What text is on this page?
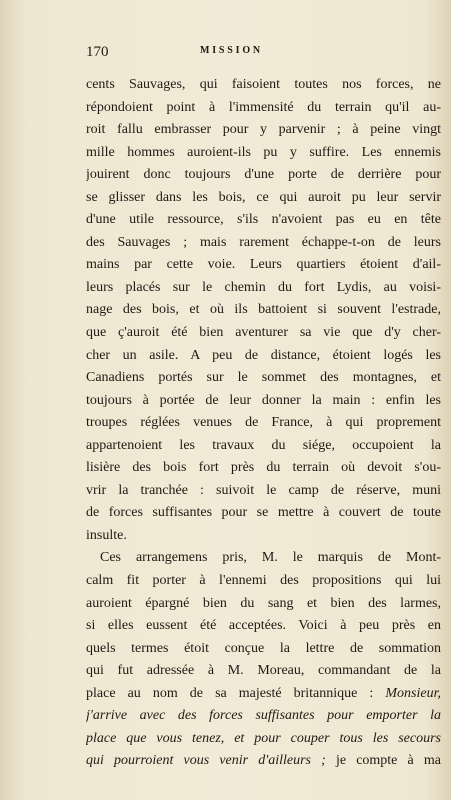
170	MISSION
cents Sauvages, qui faisoient toutes nos forces, ne
répondoient point à l'immensité du terrain qu'il au-
roit fallu embrasser pour y parvenir ; à peine vingt
mille hommes auroient-ils pu y suffire. Les ennemis
jouirent donc toujours d'une porte de derrière pour
se glisser dans les bois, ce qui auroit pu leur servir
d'une utile ressource, s'ils n'avoient pas eu en tête
des Sauvages ; mais rarement échappe-t-on de leurs
mains par cette voie. Leurs quartiers étoient d'ail-
leurs placés sur le chemin du fort Lydis, au voisi-
nage des bois, et où ils battoient si souvent l'estrade,
que ç'auroit été bien aventurer sa vie que d'y cher-
cher un asile. A peu de distance, étoient logés les
Canadiens portés sur le sommet des montagnes, et
toujours à portée de leur donner la main : enfin les
troupes réglées venues de France, à qui proprement
appartenoient les travaux du siége, occupoient la
lisière des bois fort près du terrain où devoit s'ou-
vrir la tranchée : suivoit le camp de réserve, muni
de forces suffisantes pour se mettre à couvert de toute
insulte.
Ces arrangemens pris, M. le marquis de Mont-
calm fit porter à l'ennemi des propositions qui lui
auroient épargné bien du sang et bien des larmes,
si elles eussent été acceptées. Voici à peu près en
quels termes étoit conçue la lettre de sommation
qui fut adressée à M. Moreau, commandant de la
place au nom de sa majesté britannique : Monsieur,
j'arrive avec des forces suffisantes pour emporter la
place que vous tenez, et pour couper tous les secours
qui pourroient vous venir d'ailleurs ; je compte à ma
